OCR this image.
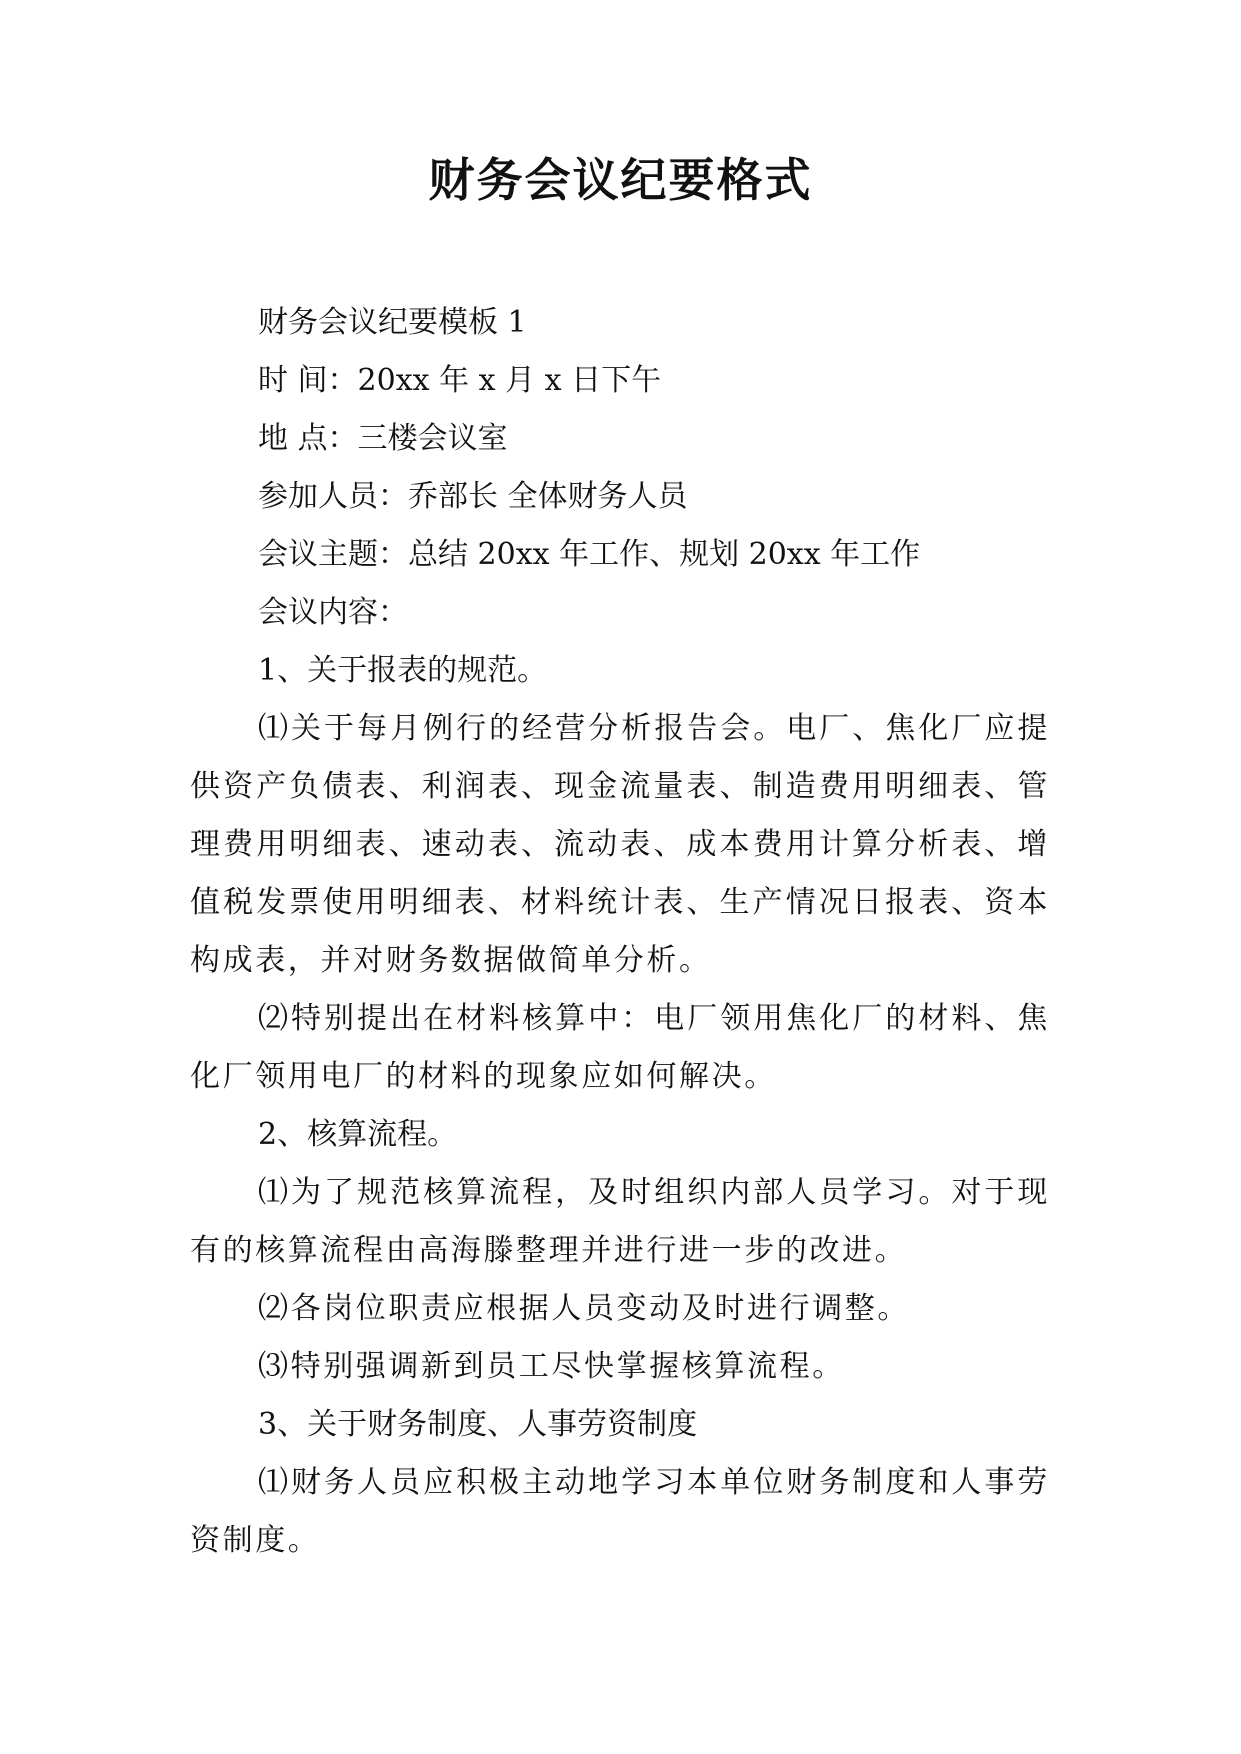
财务会议纪要格式

财务会议纪要模板 1

时 间：20xx 年 x 月 x 日下午

地 点：三楼会议室

参加人员：乔部长 全体财务人员

会议主题：总结 20xx 年工作、规划 20xx 年工作

会议内容：

1、关于报表的规范。

⑴关于每月例行的经营分析报告会。电厂、焦化厂应提供资产负债表、利润表、现金流量表、制造费用明细表、管理费用明细表、速动表、流动表、成本费用计算分析表、增值税发票使用明细表、材料统计表、生产情况日报表、资本构成表，并对财务数据做简单分析。

⑵特别提出在材料核算中：电厂领用焦化厂的材料、焦化厂领用电厂的材料的现象应如何解决。

2、核算流程。

⑴为了规范核算流程，及时组织内部人员学习。对于现有的核算流程由高海滕整理并进行进一步的改进。

⑵各岗位职责应根据人员变动及时进行调整。

⑶特别强调新到员工尽快掌握核算流程。

3、关于财务制度、人事劳资制度

⑴财务人员应积极主动地学习本单位财务制度和人事劳资制度。
